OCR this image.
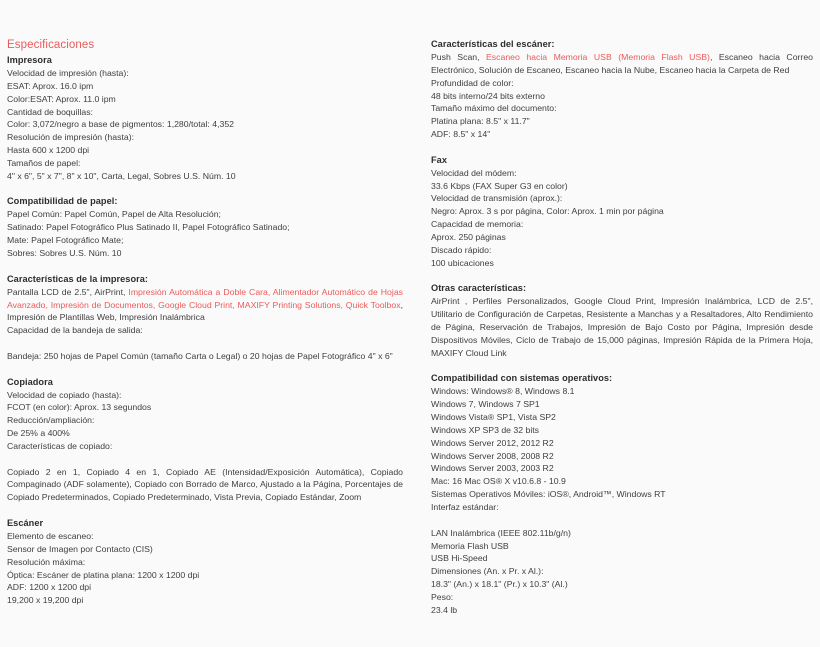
Especificaciones
Impresora
Velocidad de impresión (hasta):
ESAT: Aprox. 16.0 ipm
Color:ESAT: Aprox. 11.0 ipm
Cantidad de boquillas:
Color: 3,072/negro a base de pigmentos: 1,280/total: 4,352
Resolución de impresión (hasta):
Hasta 600 x 1200 dpi
Tamaños de papel:
4" x 6", 5" x 7", 8" x 10", Carta, Legal, Sobres U.S. Núm. 10
Compatibilidad de papel:
Papel Común: Papel Común, Papel de Alta Resolución;
Satinado: Papel Fotográfico Plus Satinado II, Papel Fotográfico Satinado;
Mate: Papel Fotográfico Mate;
Sobres: Sobres U.S. Núm. 10
Características de la impresora:

Pantalla LCD de 2.5", AirPrint, Impresión Automática a Doble Cara, Alimentador Automático de Hojas Avanzado, Impresión de Documentos, Google Cloud Print, MAXIFY Printing Solutions, Quick Toolbox, Impresión de Plantillas Web, Impresión Inalámbrica

Capacidad de la bandeja de salida:

Bandeja: 250 hojas de Papel Común (tamaño Carta o Legal) o 20 hojas de Papel Fotográfico 4" x 6"

Copiadora
Velocidad de copiado (hasta):
FCOT (en color): Aprox. 13 segundos
Reducción/ampliación:
De 25% a 400%
Características de copiado:

Copiado 2 en 1, Copiado 4 en 1, Copiado AE (Intensidad/Exposición Automática), Copiado Compaginado (ADF solamente), Copiado con Borrado de Marco, Ajustado a la Página, Porcentajes de Copiado Predeterminados, Copiado Predeterminado, Vista Previa, Copiado Estándar, Zoom

Escáner
Elemento de escaneo:
Sensor de Imagen por Contacto (CIS)
Resolución máxima:
Óptica: Escáner de platina plana: 1200 x 1200 dpi
ADF: 1200 x 1200 dpi
19,200 x 19,200 dpi
Características del escáner:

Push Scan, Escaneo hacia Memoria USB (Memoria Flash USB), Escaneo hacia Correo Electrónico, Solución de Escaneo, Escaneo hacia la Nube, Escaneo hacia la Carpeta de Red

Profundidad de color:
48 bits interno/24 bits externo
Tamaño máximo del documento:
Platina plana: 8.5" x 11.7"
ADF: 8.5" x 14"
Fax
Velocidad del módem:
33.6 Kbps (FAX Super G3 en color)
Velocidad de transmisión (aprox.):
Negro: Aprox. 3 s por página, Color: Aprox. 1 min por página
Capacidad de memoria:
Aprox. 250 páginas
Discado rápido:
100 ubicaciones
Otras características:

AirPrint , Perfiles Personalizados, Google Cloud Print, Impresión Inalámbrica, LCD de 2.5", Utilitario de Configuración de Carpetas, Resistente a Manchas y a Resaltadores, Alto Rendimiento de Página, Reservación de Trabajos, Impresión de Bajo Costo por Página, Impresión desde Dispositivos Móviles, Ciclo de Trabajo de 15,000 páginas, Impresión Rápida de la Primera Hoja, MAXIFY Cloud Link

Compatibilidad con sistemas operativos:
Windows: Windows® 8, Windows 8.1
Windows 7, Windows 7 SP1
Windows Vista® SP1, Vista SP2
Windows XP SP3 de 32 bits
Windows Server 2012, 2012 R2
Windows Server 2008, 2008 R2
Windows Server 2003, 2003 R2
Mac: 16 Mac OS® X v10.6.8 - 10.9
Sistemas Operativos Móviles: iOS®, Android™, Windows RT
Interfaz estándar:
LAN Inalámbrica (IEEE 802.11b/g/n)
Memoria Flash USB
USB Hi-Speed
Dimensiones (An. x Pr. x Al.):
18.3" (An.) x 18.1" (Pr.) x 10.3" (Al.)
Peso:
23.4 lb
